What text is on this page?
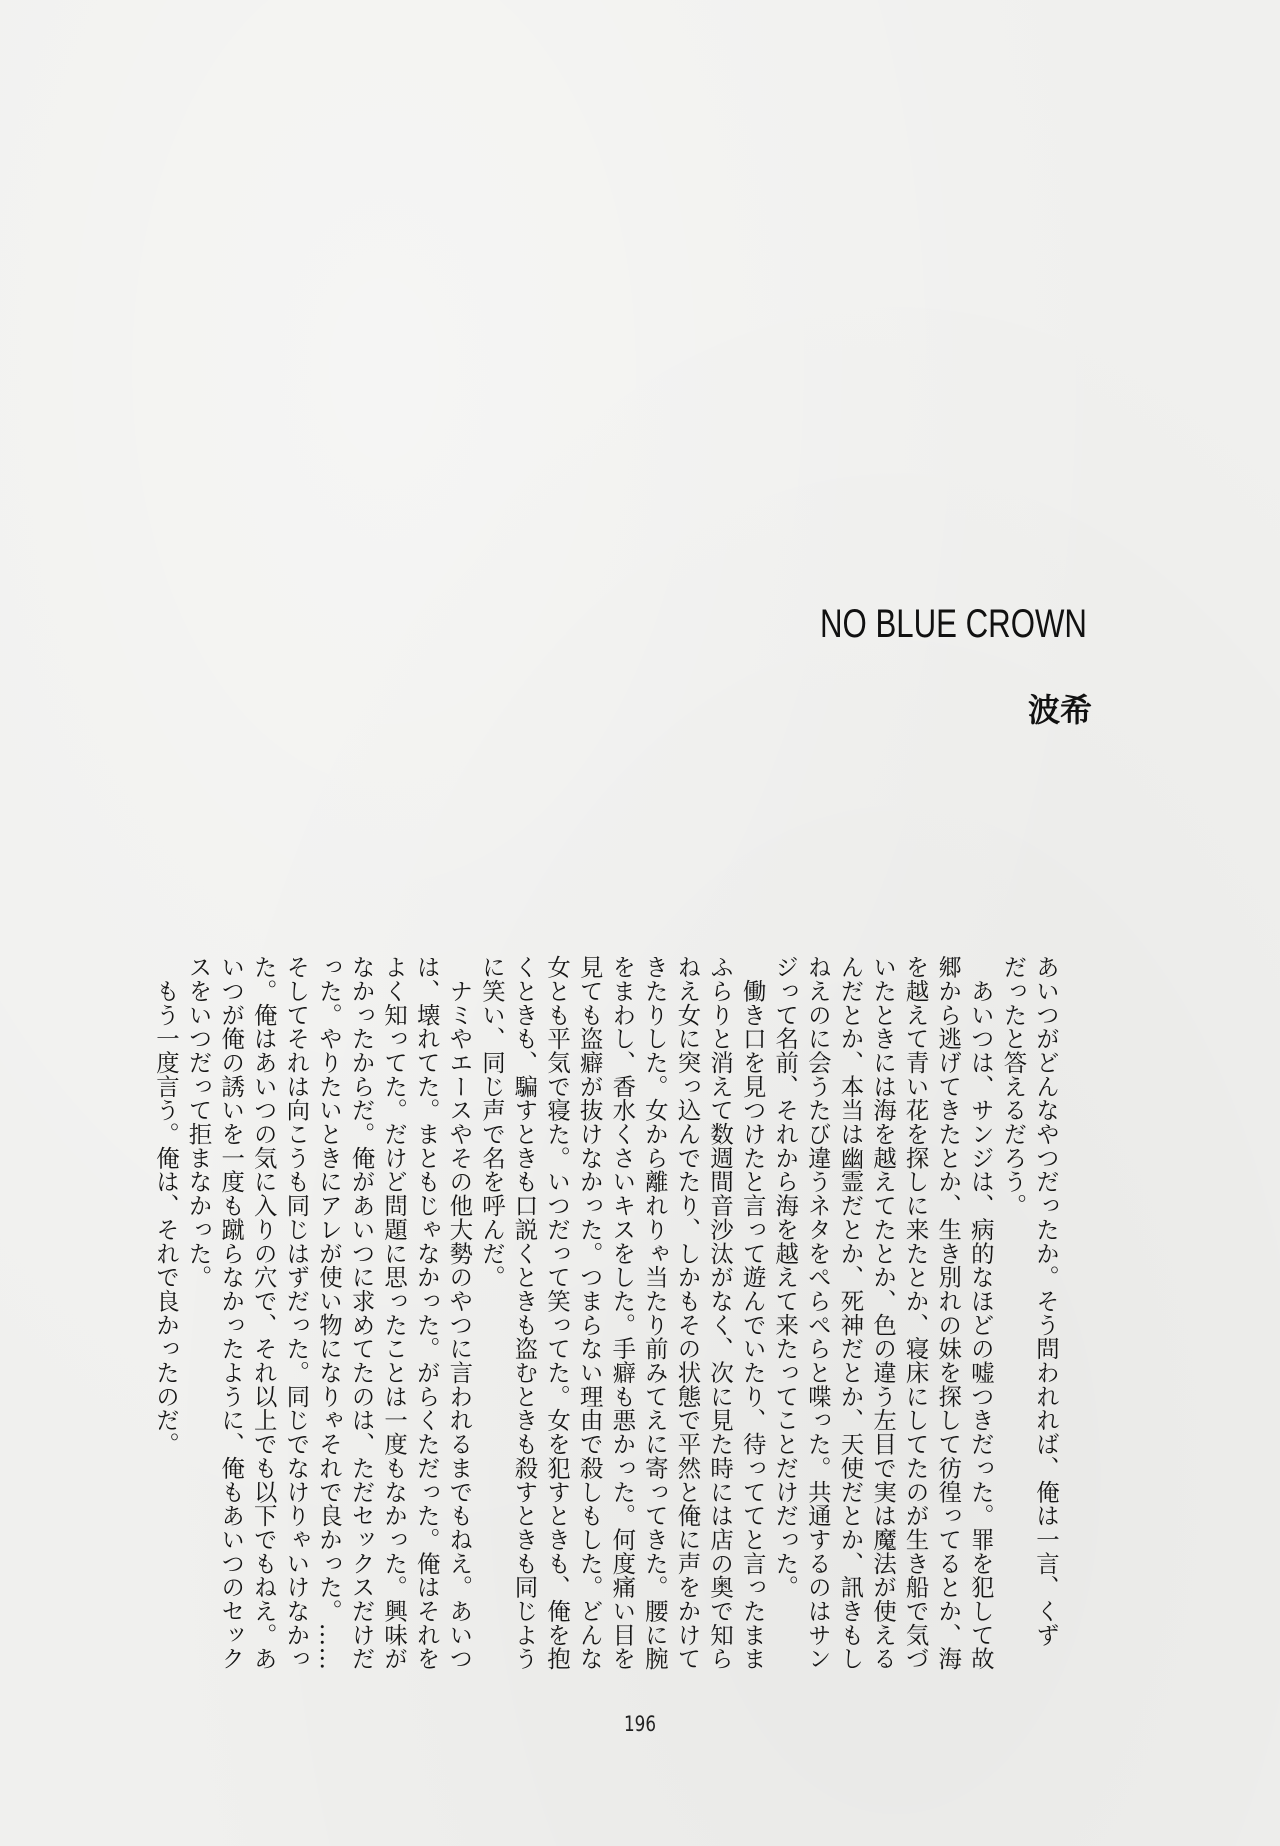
NO BLUE CROWN
波希

あいつがどんなやつだったか。そう問われれば、俺は一言、くず

だったと答えるだろう。

　あいつは、サンジは、病的なほどの嘘つきだった。罪を犯して故

郷から逃げてきたとか、生き別れの妹を探して彷徨ってるとか、海

を越えて青い花を探しに来たとか、寝床にしてたのが生き船で気づ

いたときには海を越えてたとか、色の違う左目で実は魔法が使える

んだとか、本当は幽霊だとか、死神だとか、天使だとか、訊きもし

ねえのに会うたび違うネタをぺらぺらと喋った。共通するのはサン

ジって名前、それから海を越えて来たってことだけだった。

　働き口を見つけたと言って遊んでいたり、待っててと言ったまま

ふらりと消えて数週間音沙汰がなく、次に見た時には店の奥で知ら

ねえ女に突っ込んでたり、しかもその状態で平然と俺に声をかけて

きたりした。女から離れりゃ当たり前みてえに寄ってきた。腰に腕

をまわし、香水くさいキスをした。手癖も悪かった。何度痛い目を

見ても盗癖が抜けなかった。つまらない理由で殺しもした。どんな

女とも平気で寝た。いつだって笑ってた。女を犯すときも、俺を抱

くときも、騙すときも口説くときも盗むときも殺すときも同じよう

に笑い、同じ声で名を呼んだ。

　ナミやエースやその他大勢のやつに言われるまでもねえ。あいつ

は、壊れてた。まともじゃなかった。がらくただった。俺はそれを

よく知ってた。だけど問題に思ったことは一度もなかった。興味が

なかったからだ。俺があいつに求めてたのは、ただセックスだけだ

った。やりたいときにアレが使い物になりゃそれで良かった。……

そしてそれは向こうも同じはずだった。同じでなけりゃいけなかっ

た。俺はあいつの気に入りの穴で、それ以上でも以下でもねえ。あ

いつが俺の誘いを一度も蹴らなかったように、俺もあいつのセック

スをいつだって拒まなかった。

　もう一度言う。俺は、それで良かったのだ。

196
